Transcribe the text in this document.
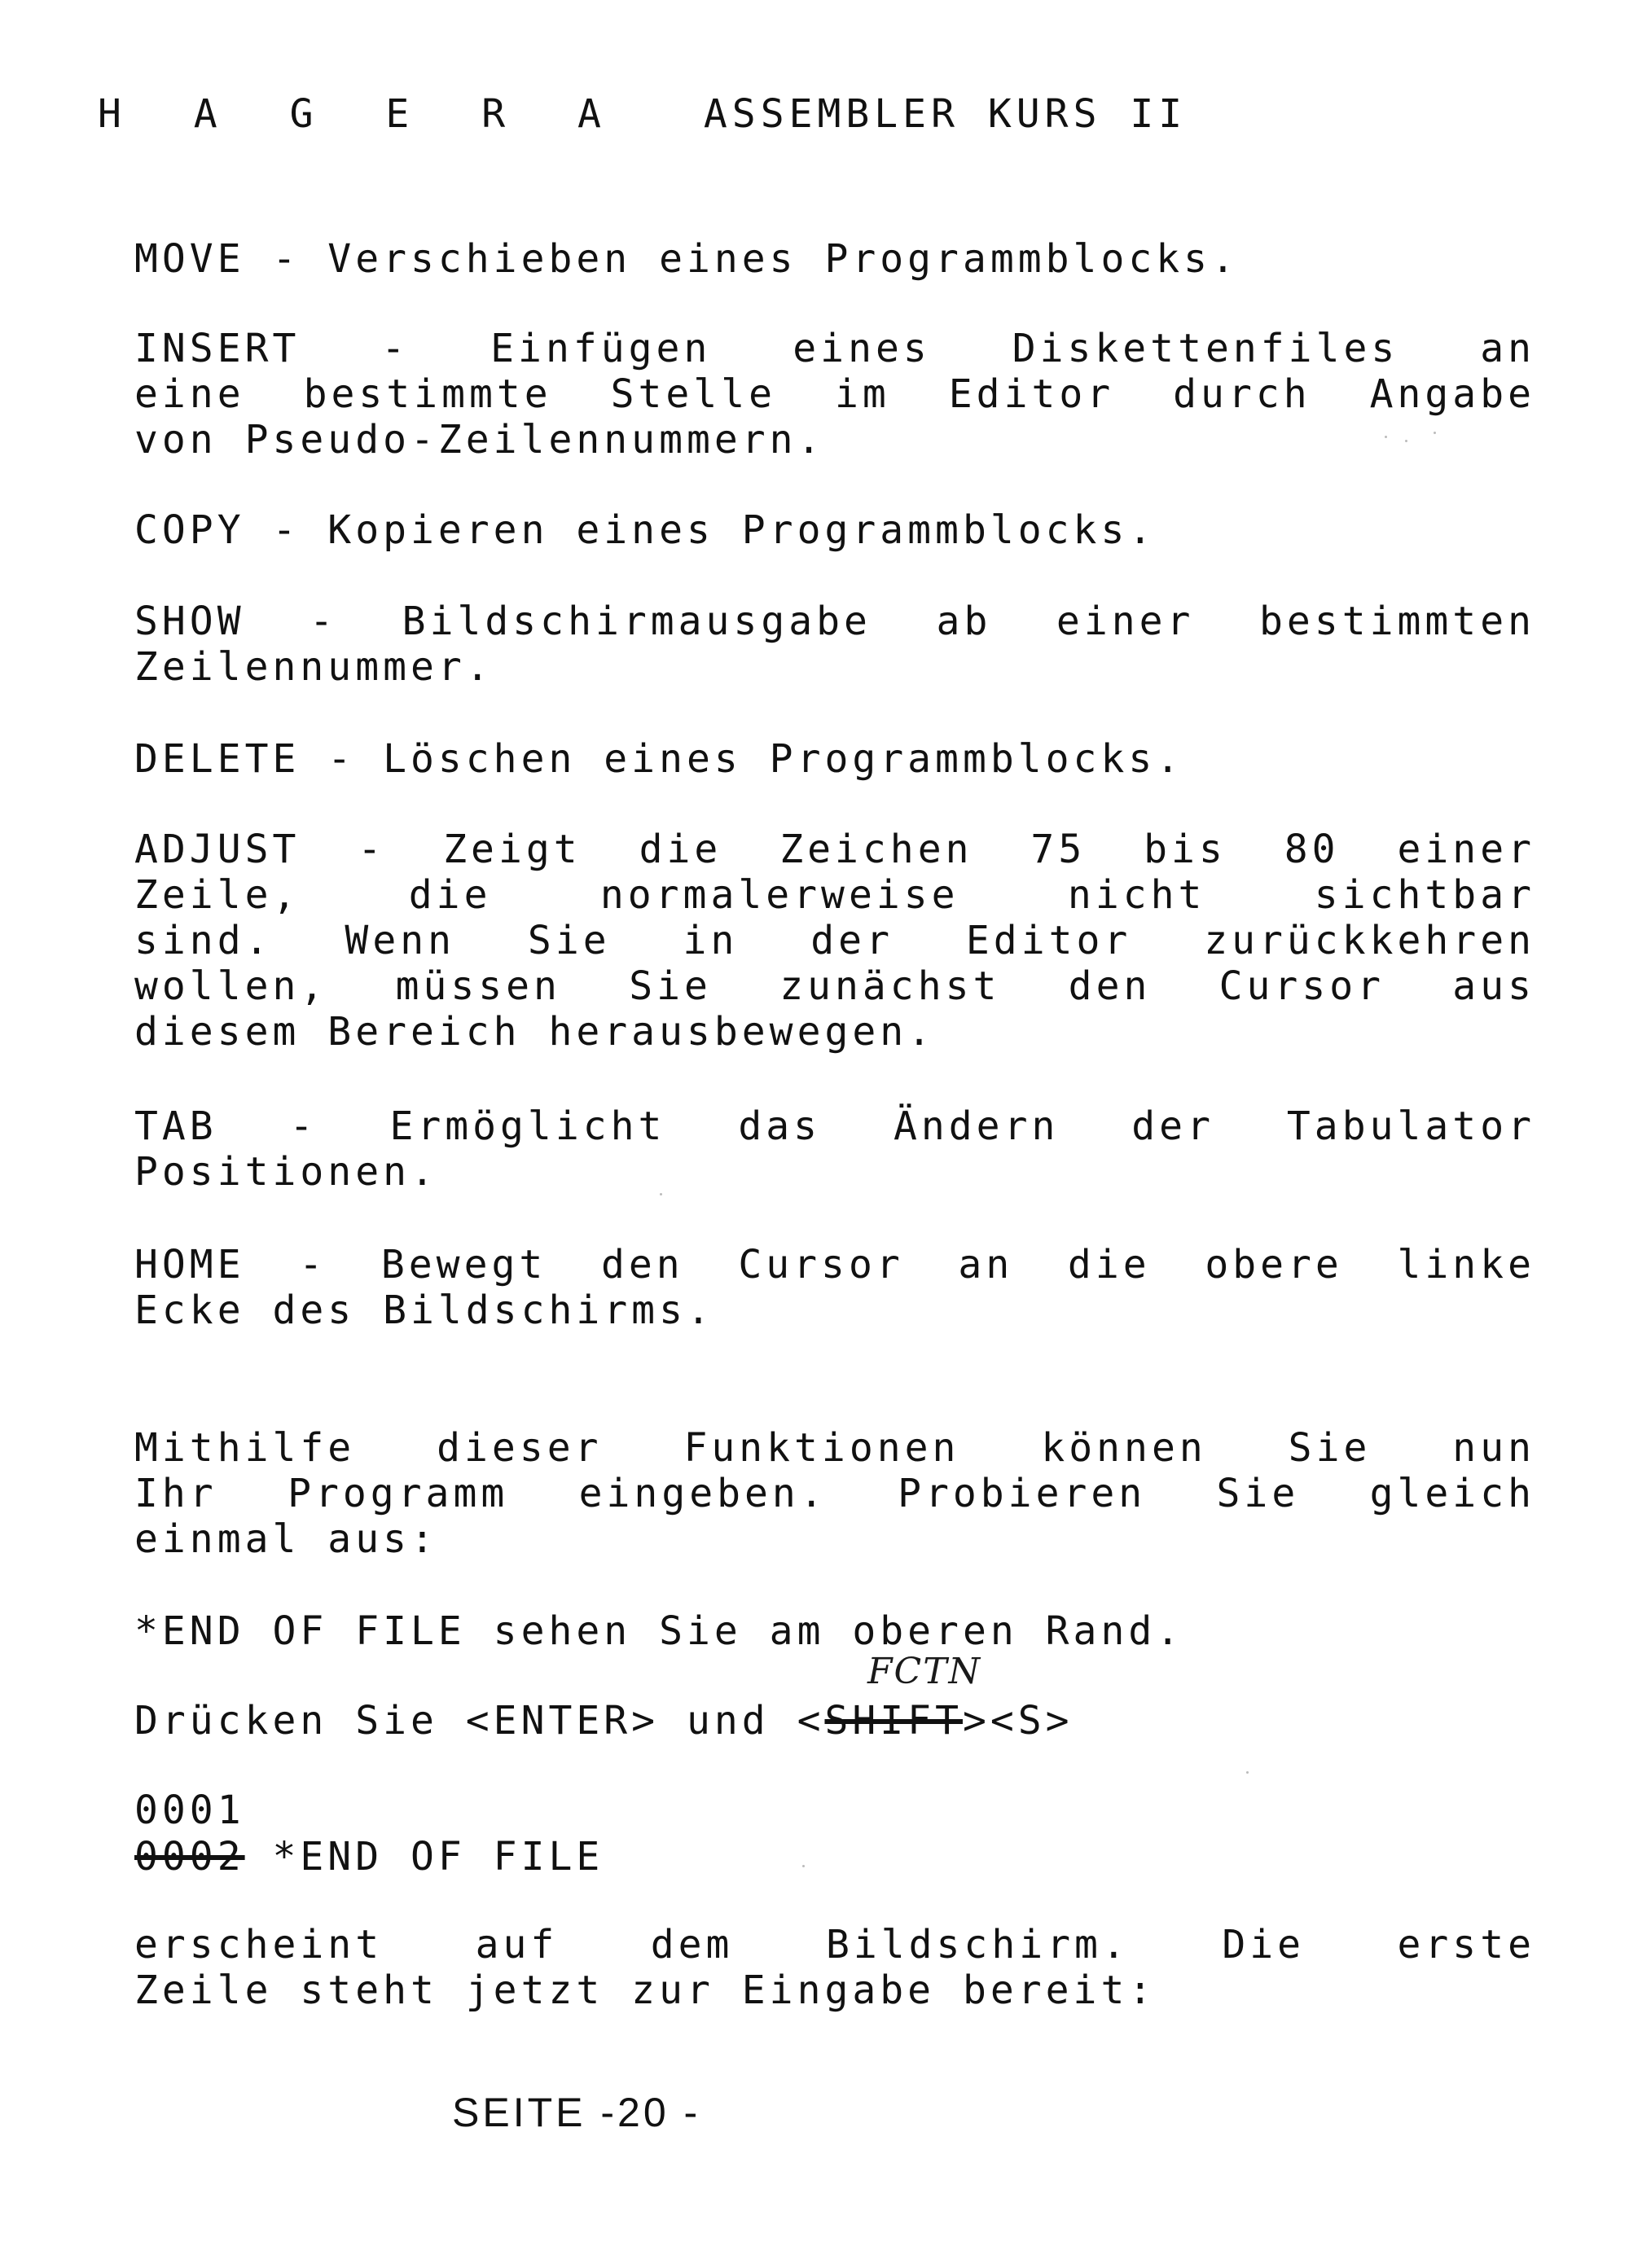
H A G E R A ASSEMBLER KURS II
MOVE - Verschieben eines Programmblocks.
INSERT - Einfügen eines Diskettenfiles an
eine bestimmte Stelle im Editor durch Angabe
von Pseudo-Zeilennummern.
COPY - Kopieren eines Programmblocks.
SHOW - Bildschirmausgabe ab einer bestimmten
Zeilennummer.
DELETE - Löschen eines Programmblocks.
ADJUST - Zeigt die Zeichen 75 bis 80 einer
Zeile, die normalerweise nicht sichtbar
sind. Wenn Sie in der Editor zurückkehren
wollen, müssen Sie zunächst den Cursor aus
diesem Bereich herausbewegen.
TAB - Ermöglicht das Ändern der Tabulator
Positionen.
HOME - Bewegt den Cursor an die obere linke
Ecke des Bildschirms.
Mithilfe dieser Funktionen können Sie nun
Ihr Programm eingeben. Probieren Sie gleich
einmal aus:
*END OF FILE sehen Sie am oberen Rand.
FCTN
Drücken Sie <ENTER> und <SHIFT><S>
0001
0002 *END OF FILE
erscheint auf dem Bildschirm. Die erste
Zeile steht jetzt zur Eingabe bereit:
SEITE -20 -
